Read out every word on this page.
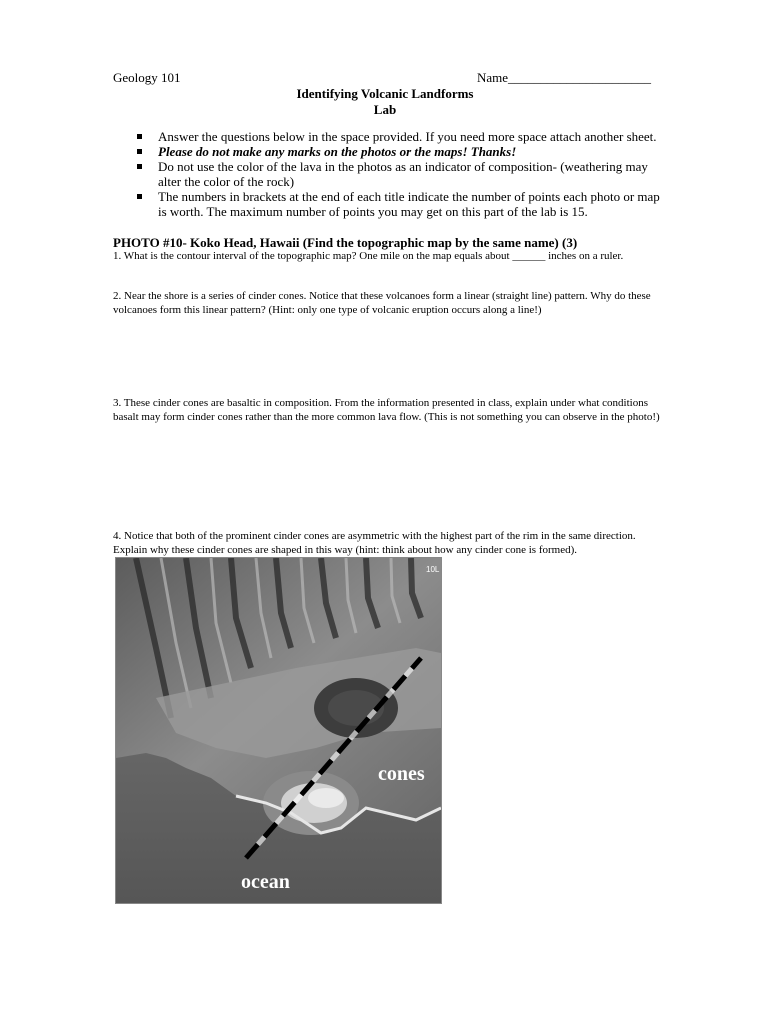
Geology 101	Name______________________
Identifying Volcanic Landforms
Lab
Answer the questions below in the space provided. If you need more space attach another sheet.
Please do not make any marks on the photos or the maps! Thanks!
Do not use the color of the lava in the photos as an indicator of composition- (weathering may alter the color of the rock)
The numbers in brackets at the end of each title indicate the number of points each photo or map is worth. The maximum number of points you may get on this part of the lab is 15.
PHOTO #10- Koko Head, Hawaii (Find the topographic map by the same name) (3)
1. What is the contour interval of the topographic map? One mile on the map equals about ______ inches on a ruler.
2. Near the shore is a series of cinder cones. Notice that these volcanoes form a linear (straight line) pattern. Why do these volcanoes form this linear pattern? (Hint: only one type of volcanic eruption occurs along a line!)
3. These cinder cones are basaltic in composition. From the information presented in class, explain under what conditions basalt may form cinder cones rather than the more common lava flow. (This is not something you can observe in the photo!)
4. Notice that both of the prominent cinder cones are asymmetric with the highest part of the rim in the same direction. Explain why these cinder cones are shaped in this way (hint: think about how any cinder cone is formed).
10L
cones
ocean
